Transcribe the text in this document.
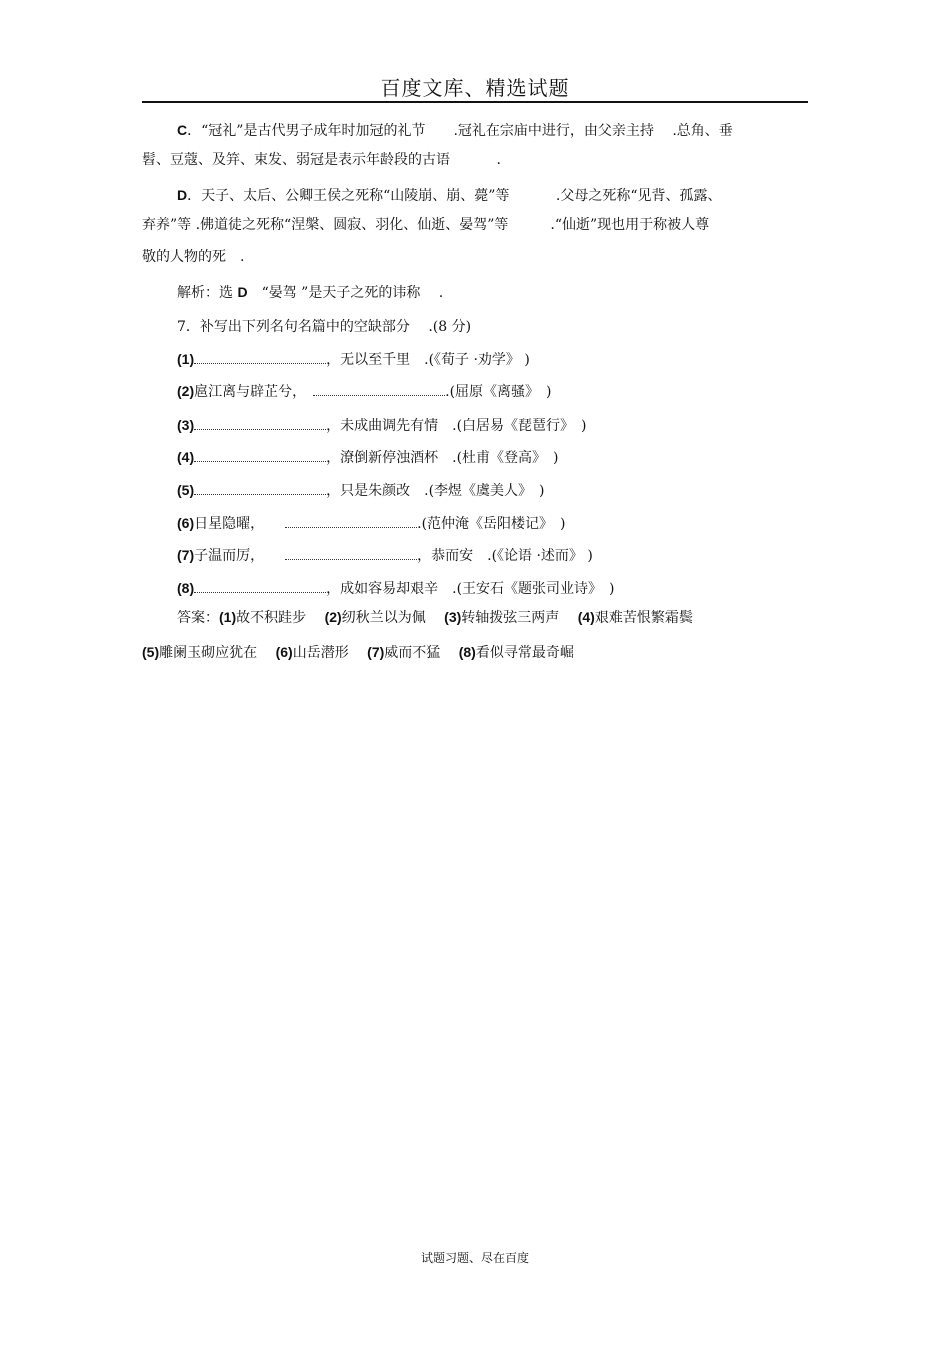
百度文库、精选试题
C．“冠礼”是古代男子成年时加冠的礼节　　.冠礼在宗庙中进行，由父亲主持　 .总角、垂
髫、豆蔻、及笄、束发、弱冠是表示年龄段的古语　　　 .
D．天子、太后、公卿王侯之死称“山陵崩、崩、薨”等　　　 .父母之死称“见背、孤露、
弃养”等 .佛道徒之死称“涅槃、圆寂、羽化、仙逝、晏驾”等　　　.“仙逝”现也用于称被人尊
敬的人物的死　.
解析：选 D　“晏驾 ”是天子之死的讳称　 .
7．补写出下列名句名篇中的空缺部分　 .(8 分)
(1)	，无以至千里　.(《荀子 ·劝学》 )
(2)扈江离与辟芷兮，　	.(屈原《离骚》　)
(3)	，未成曲调先有情　.(白居易《琵琶行》　)
(4)	，潦倒新停浊酒杯　.(杜甫《登高》　)
(5)	，只是朱颜改　.(李煜《虞美人》　)
(6)日星隐曜，　　	.(范仲淹《岳阳楼记》　)
(7)子温而厉，　　	，恭而安　.(《论语 ·述而》 )
(8)	，成如容易却艰辛　.(王安石《题张司业诗》　)
答案：(1)故不积跬步　 (2)纫秋兰以为佩　 (3)转轴拨弦三两声　 (4)艰难苦恨繁霜鬓
(5)雕阑玉砌应犹在　 (6)山岳潜形　 (7)威而不猛　 (8)看似寻常最奇崛
试题习题、尽在百度
